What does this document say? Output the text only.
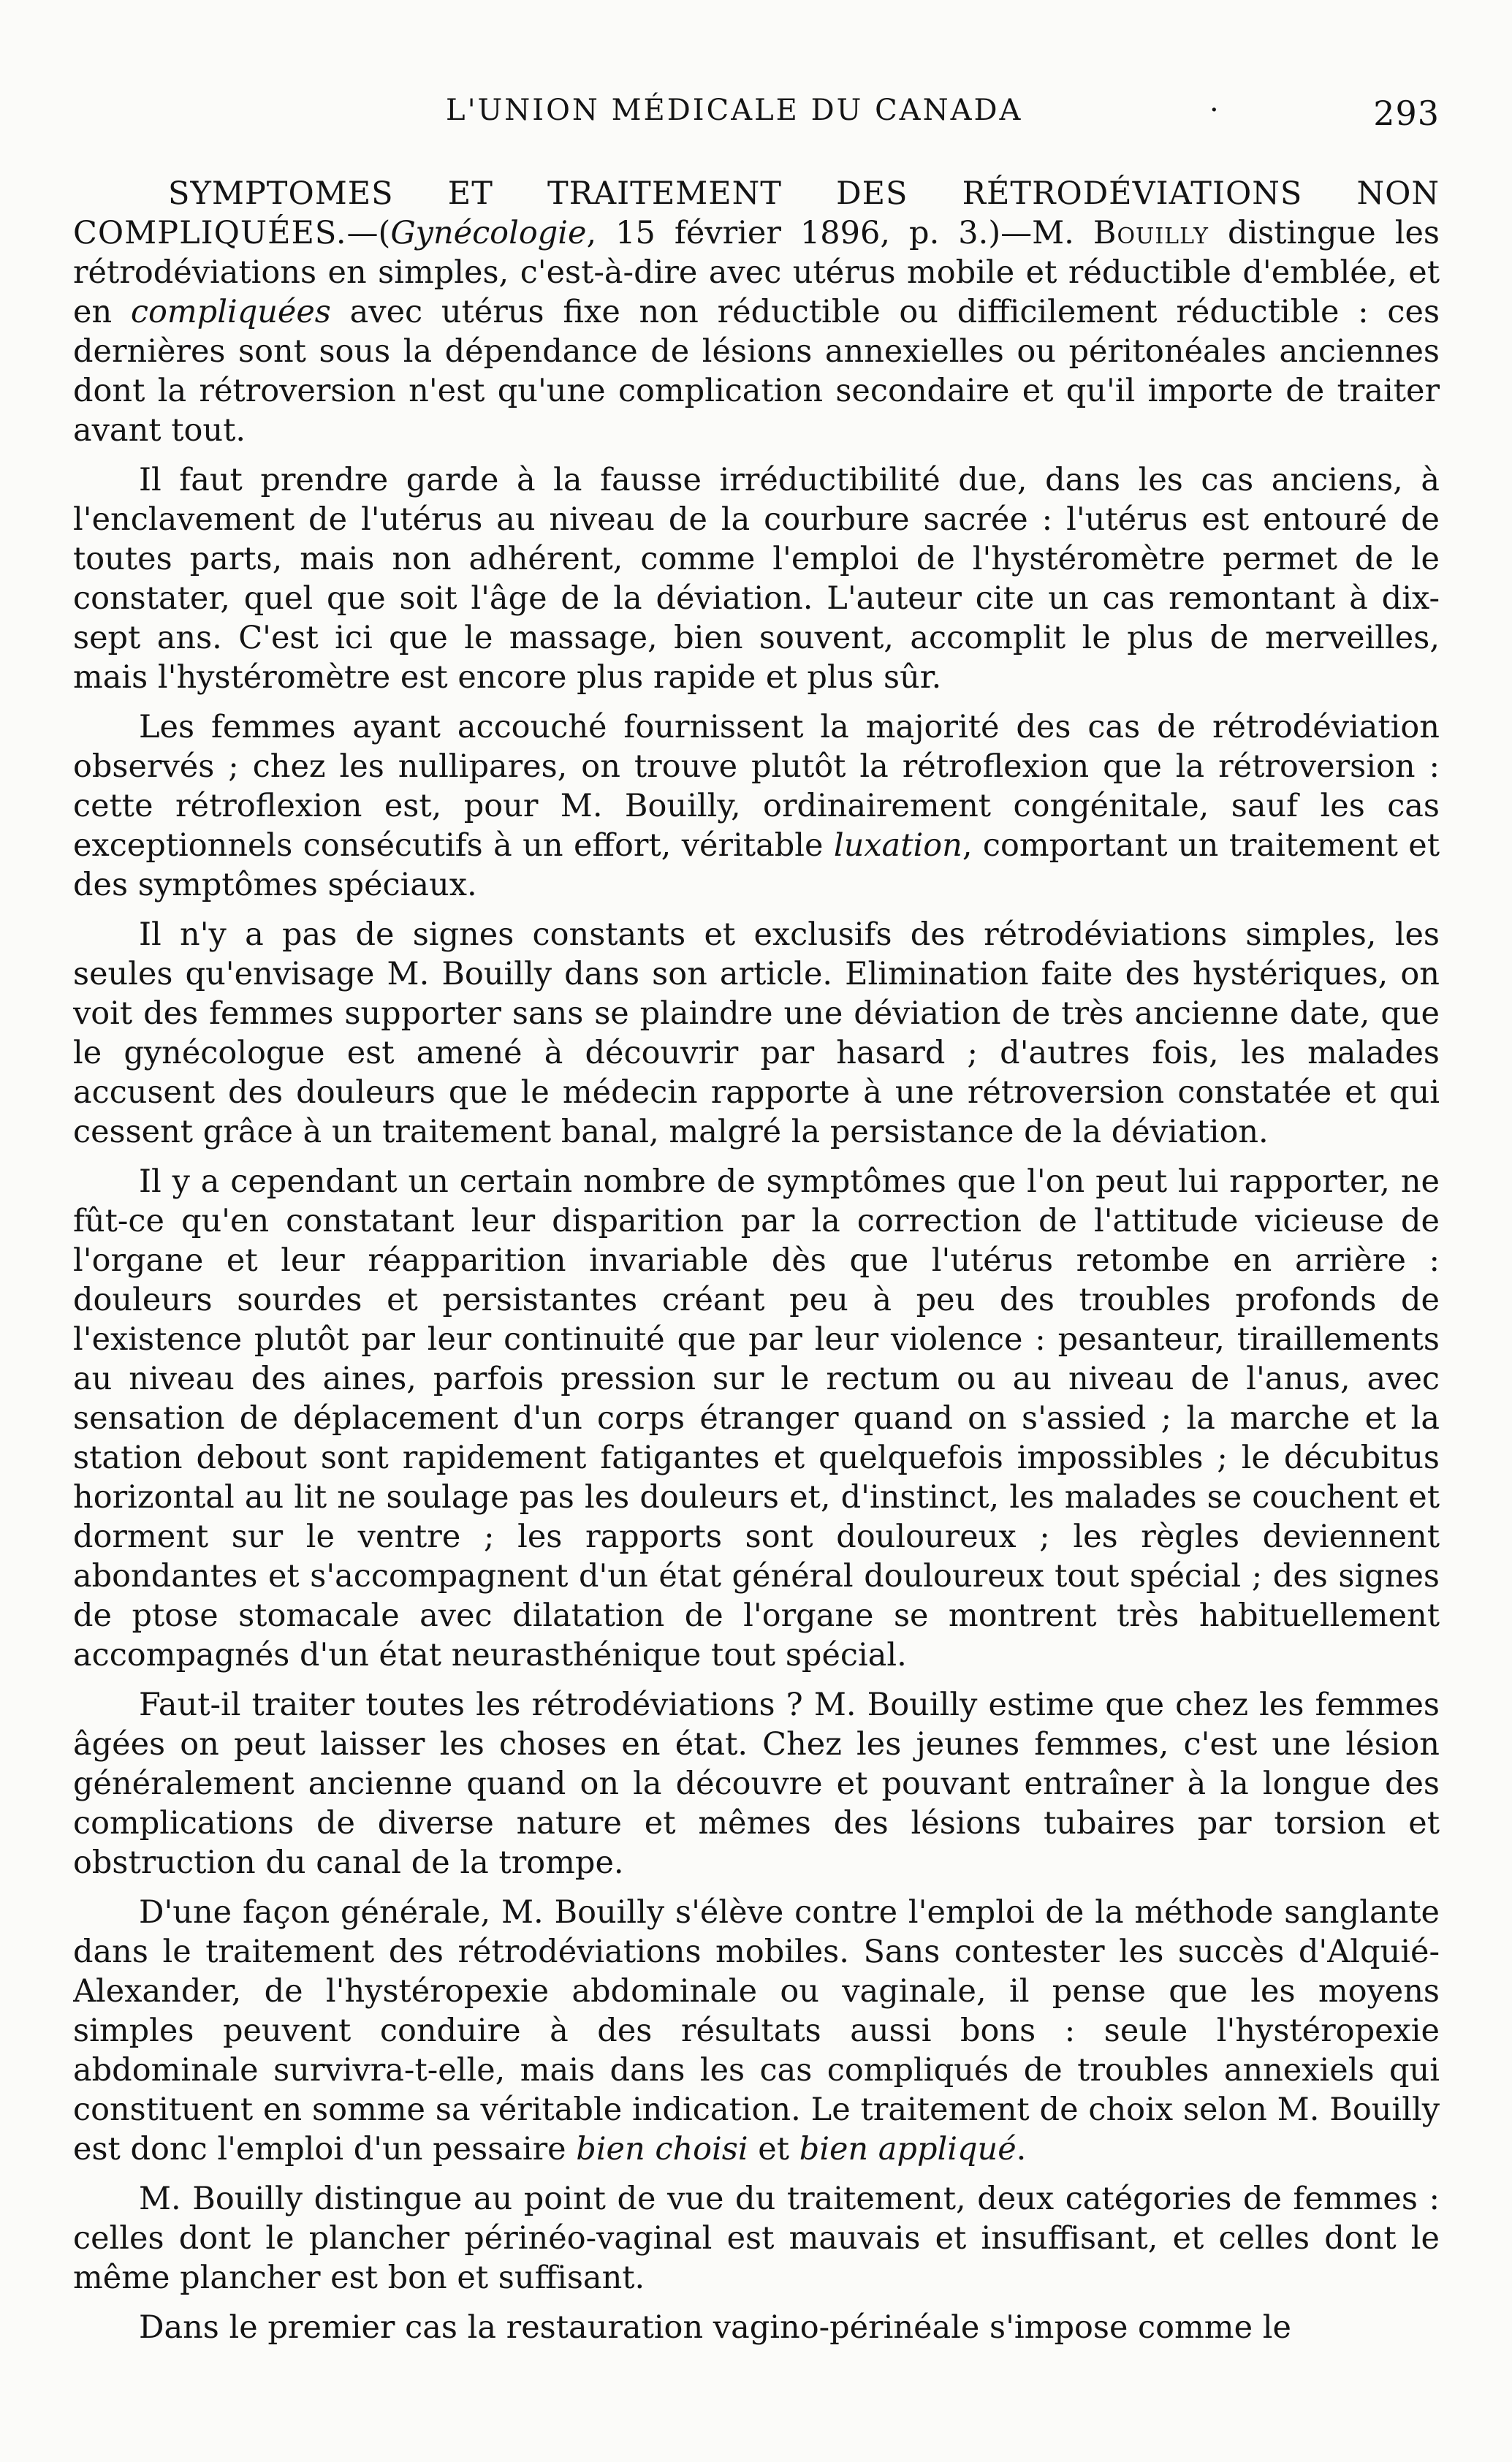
L'UNION MÉDICALE DU CANADA	·	293

SYMPTOMES ET TRAITEMENT DES RÉTRODÉVIATIONS NON COMPLIQUÉES.—(Gynécologie, 15 février 1896, p. 3.)—M. Bouilly distingue les rétrodéviations en simples, c'est-à-dire avec utérus mobile et réductible d'emblée, et en compliquées avec utérus fixe non réductible ou difficilement réductible : ces dernières sont sous la dépendance de lésions annexielles ou péritonéales anciennes dont la rétroversion n'est qu'une complication secondaire et qu'il importe de traiter avant tout.

Il faut prendre garde à la fausse irréductibilité due, dans les cas anciens, à l'enclavement de l'utérus au niveau de la courbure sacrée : l'utérus est entouré de toutes parts, mais non adhérent, comme l'emploi de l'hystéromètre permet de le constater, quel que soit l'âge de la déviation. L'auteur cite un cas remontant à dix-sept ans. C'est ici que le massage, bien souvent, accomplit le plus de merveilles, mais l'hystéromètre est encore plus rapide et plus sûr.

Les femmes ayant accouché fournissent la majorité des cas de rétrodéviation observés ; chez les nullipares, on trouve plutôt la rétroflexion que la rétroversion : cette rétroflexion est, pour M. Bouilly, ordinairement congénitale, sauf les cas exceptionnels consécutifs à un effort, véritable luxation, comportant un traitement et des symptômes spéciaux.

Il n'y a pas de signes constants et exclusifs des rétrodéviations simples, les seules qu'envisage M. Bouilly dans son article. Elimination faite des hystériques, on voit des femmes supporter sans se plaindre une déviation de très ancienne date, que le gynécologue est amené à découvrir par hasard ; d'autres fois, les malades accusent des douleurs que le médecin rapporte à une rétroversion constatée et qui cessent grâce à un traitement banal, malgré la persistance de la déviation.

Il y a cependant un certain nombre de symptômes que l'on peut lui rapporter, ne fût-ce qu'en constatant leur disparition par la correction de l'attitude vicieuse de l'organe et leur réapparition invariable dès que l'utérus retombe en arrière : douleurs sourdes et persistantes créant peu à peu des troubles profonds de l'existence plutôt par leur continuité que par leur violence : pesanteur, tiraillements au niveau des aines, parfois pression sur le rectum ou au niveau de l'anus, avec sensation de déplacement d'un corps étranger quand on s'assied ; la marche et la station debout sont rapidement fatigantes et quelquefois impossibles ; le décubitus horizontal au lit ne soulage pas les douleurs et, d'instinct, les malades se couchent et dorment sur le ventre ; les rapports sont douloureux ; les règles deviennent abondantes et s'accompagnent d'un état général douloureux tout spécial ; des signes de ptose stomacale avec dilatation de l'organe se montrent très habituellement accompagnés d'un état neurasthénique tout spécial.

Faut-il traiter toutes les rétrodéviations ? M. Bouilly estime que chez les femmes âgées on peut laisser les choses en état. Chez les jeunes femmes, c'est une lésion généralement ancienne quand on la découvre et pouvant entraîner à la longue des complications de diverse nature et mêmes des lésions tubaires par torsion et obstruction du canal de la trompe.

D'une façon générale, M. Bouilly s'élève contre l'emploi de la méthode sanglante dans le traitement des rétrodéviations mobiles. Sans contester les succès d'Alquié-Alexander, de l'hystéropexie abdominale ou vaginale, il pense que les moyens simples peuvent conduire à des résultats aussi bons : seule l'hystéropexie abdominale survivra-t-elle, mais dans les cas compliqués de troubles annexiels qui constituent en somme sa véritable indication. Le traitement de choix selon M. Bouilly est donc l'emploi d'un pessaire bien choisi et bien appliqué.

M. Bouilly distingue au point de vue du traitement, deux catégories de femmes : celles dont le plancher périnéo-vaginal est mauvais et insuffisant, et celles dont le même plancher est bon et suffisant.

Dans le premier cas la restauration vagino-périnéale s'impose comme le
